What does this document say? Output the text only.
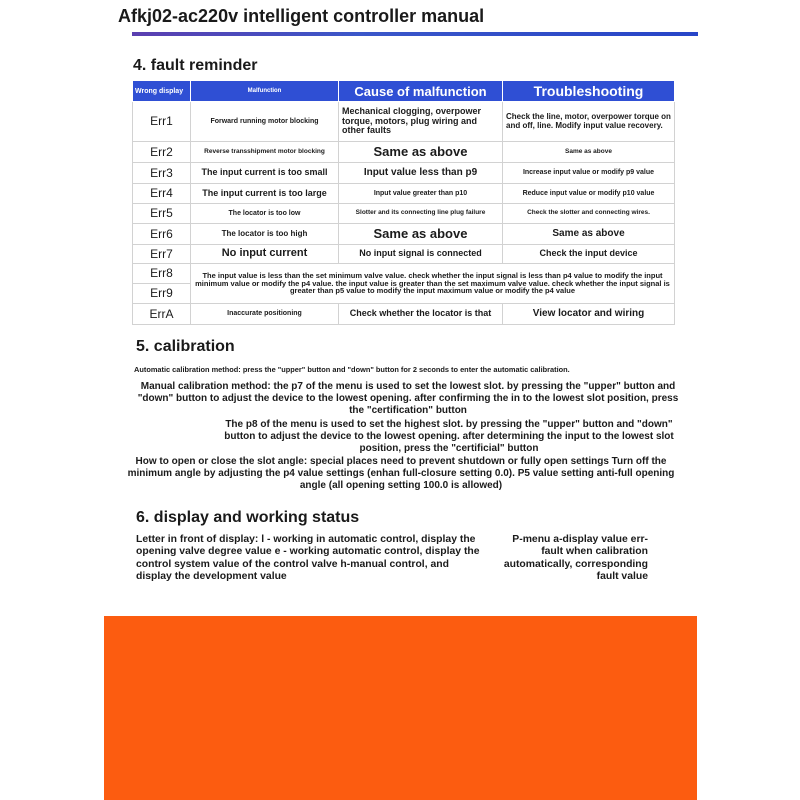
Afkj02-ac220v intelligent controller manual
4. fault reminder
Wrong display	Malfunction	Cause of malfunction	Troubleshooting
Err1	Forward running motor blocking	Mechanical clogging, overpower torque, motors, plug wiring and other faults	Check the line, motor, overpower torque on and off, line. Modify input value recovery.
Err2	Reverse transshipment motor blocking	Same as above	Same as above
Err3	The input current is too small	Input value less than p9	Increase input value or modify p9 value
Err4	The input current is too large	Input value greater than p10	Reduce input value or modify p10 value
Err5	The locator is too low	Slotter and its connecting line plug failure	Check the slotter and connecting wires.
Err6	The locator is too high	Same as above	Same as above
Err7	No input current	No input signal is connected	Check the input device
Err8	The input value is less than the set minimum valve value. check whether the input signal is less than p4 value to modify the input minimum value or modify the p4 value. the input value is greater than the set maximum valve value. check whether the input signal is greater than p5 value to modify the input maximum value or modify the p4 value		
Err9			
ErrA	Inaccurate positioning	Check whether the locator is that	View locator and wiring
5. calibration
Automatic calibration method: press the "upper" button and "down" button for 2 seconds to enter the automatic calibration.
Manual calibration method: the p7 of the menu is used to set the lowest slot. by pressing the "upper" button and "down" button to adjust the device to the lowest opening. after confirming the in to the lowest slot position, press the "certification" button
The p8 of the menu is used to set the highest slot. by pressing the "upper" button and "down" button to adjust the device to the lowest opening. after determining the input to the lowest slot position, press the "certificial" button
How to open or close the slot angle: special places need to prevent shutdown or fully open settings Turn off the minimum angle by adjusting the p4 value settings (enhan full-closure setting 0.0). P5 value setting anti-full opening angle (all opening setting 100.0 is allowed)
6. display and working status
Letter in front of display: l - working in automatic control, display the opening valve degree value e - working automatic control, display the control system value of the control valve h-manual control, and display the development value
P-menu a-display value err-fault when calibration automatically, corresponding fault value
